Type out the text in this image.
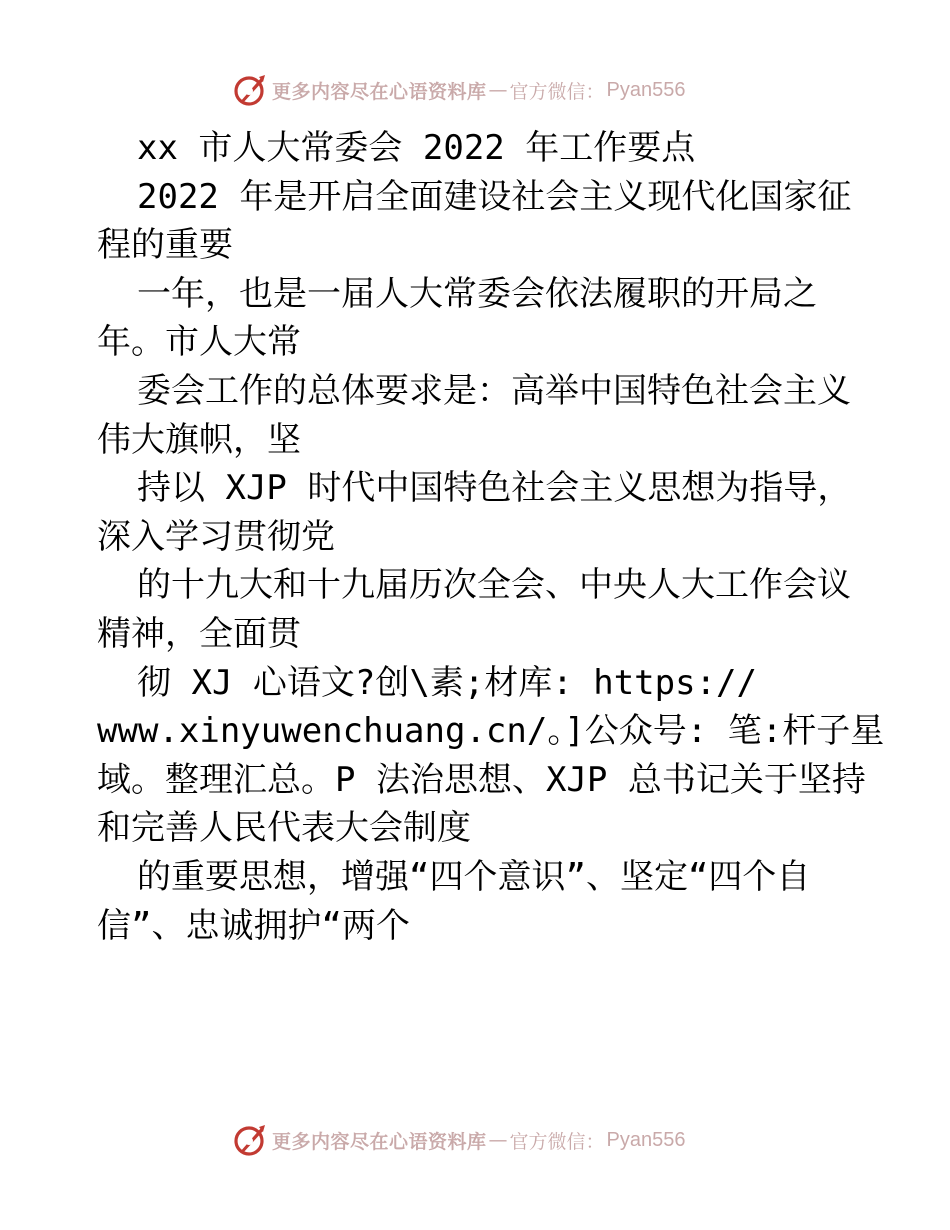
更多内容尽在心语资料库 — 官方微信： Pyan556
xx 市人大常委会 2022 年工作要点
2022 年是开启全面建设社会主义现代化国家征
程的重要
一年，也是一届人大常委会依法履职的开局之
年。市人大常
委会工作的总体要求是：高举中国特色社会主义
伟大旗帜，坚
持以 XJP 时代中国特色社会主义思想为指导，
深入学习贯彻党
的十九大和十九届历次全会、中央人大工作会议
精神，全面贯
彻 XJ 心语文?创\素;材库: https://
www.xinyuwenchuang.cn/。]公众号: 笔:杆子星
域。整理汇总。P 法治思想、XJP 总书记关于坚持
和完善人民代表大会制度
的重要思想，增强“四个意识”、坚定“四个自
信”、忠诚拥护“两个
更多内容尽在心语资料库 — 官方微信： Pyan556
